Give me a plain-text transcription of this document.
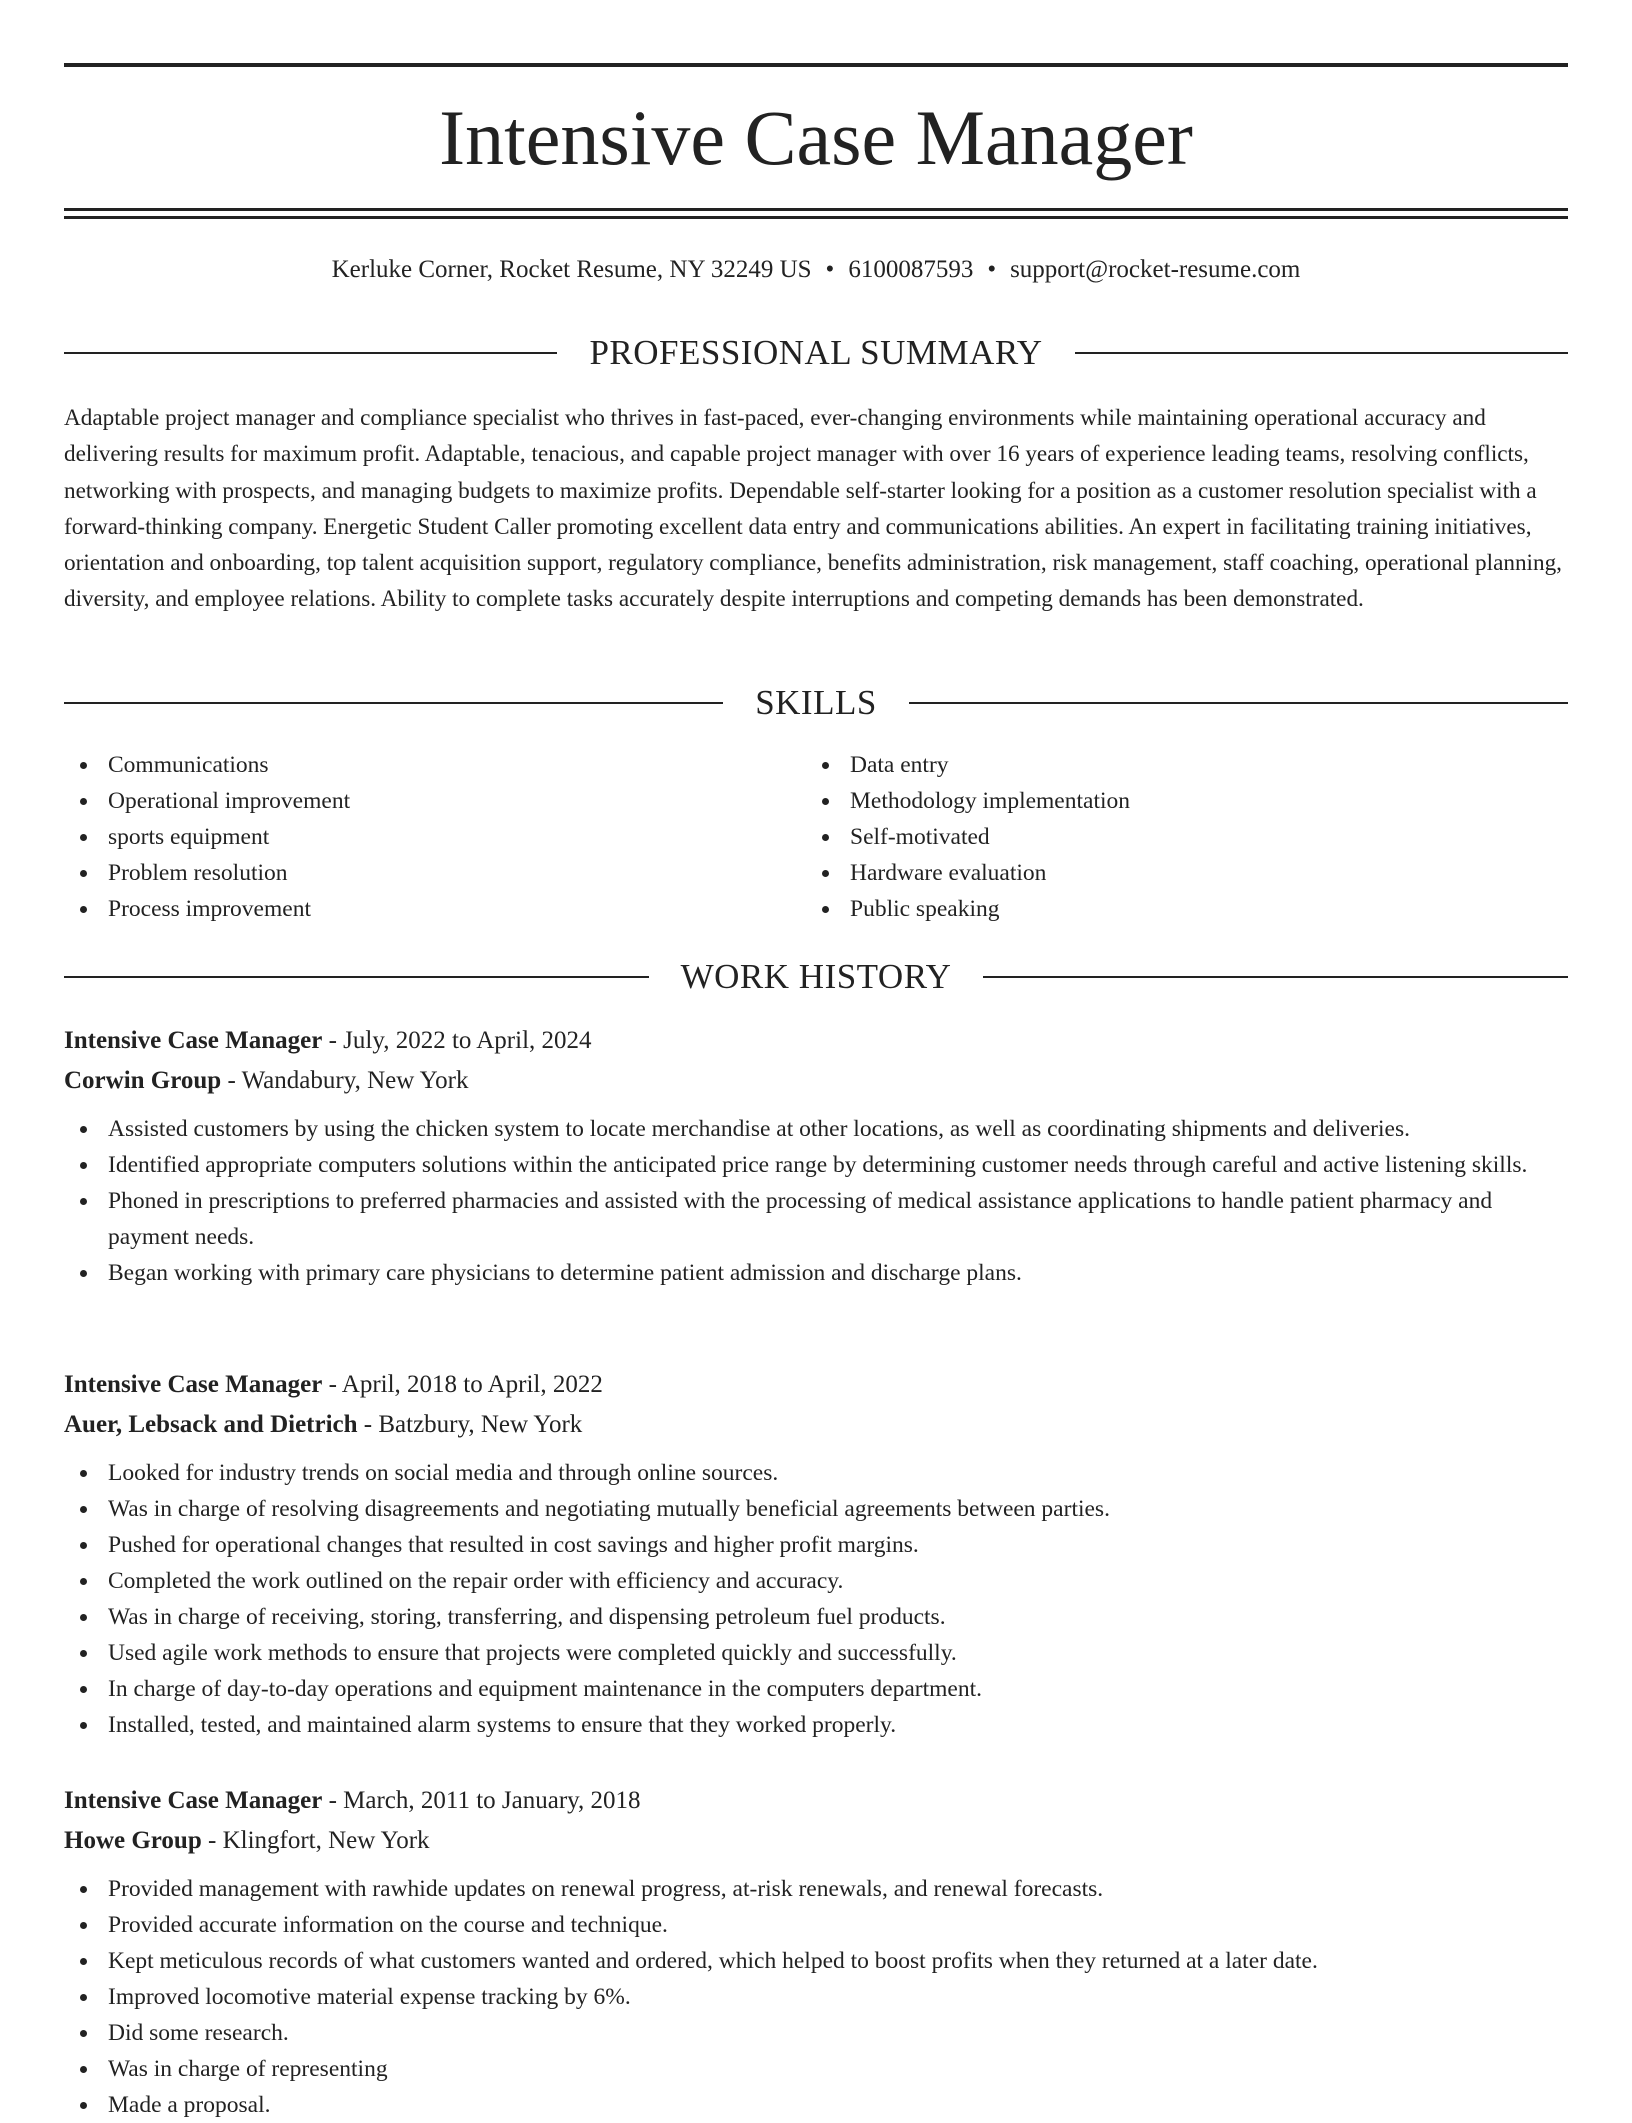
Intensive Case Manager
Kerluke Corner, Rocket Resume, NY 32249 US • 6100087593 • support@rocket-resume.com
PROFESSIONAL SUMMARY

Adaptable project manager and compliance specialist who thrives in fast-paced, ever-changing environments while maintaining operational accuracy and delivering results for maximum profit. Adaptable, tenacious, and capable project manager with over 16 years of experience leading teams, resolving conflicts, networking with prospects, and managing budgets to maximize profits. Dependable self-starter looking for a position as a customer resolution specialist with a forward-thinking company. Energetic Student Caller promoting excellent data entry and communications abilities. An expert in facilitating training initiatives, orientation and onboarding, top talent acquisition support, regulatory compliance, benefits administration, risk management, staff coaching, operational planning, diversity, and employee relations. Ability to complete tasks accurately despite interruptions and competing demands has been demonstrated.

SKILLS
Communications
Operational improvement
sports equipment
Problem resolution
Process improvement
Data entry
Methodology implementation
Self-motivated
Hardware evaluation
Public speaking
WORK HISTORY
Intensive Case Manager - July, 2022 to April, 2024
Corwin Group - Wandabury, New York
Assisted customers by using the chicken system to locate merchandise at other locations, as well as coordinating shipments and deliveries.
Identified appropriate computers solutions within the anticipated price range by determining customer needs through careful and active listening skills.
Phoned in prescriptions to preferred pharmacies and assisted with the processing of medical assistance applications to handle patient pharmacy and payment needs.
Began working with primary care physicians to determine patient admission and discharge plans.
Intensive Case Manager - April, 2018 to April, 2022
Auer, Lebsack and Dietrich - Batzbury, New York
Looked for industry trends on social media and through online sources.
Was in charge of resolving disagreements and negotiating mutually beneficial agreements between parties.
Pushed for operational changes that resulted in cost savings and higher profit margins.
Completed the work outlined on the repair order with efficiency and accuracy.
Was in charge of receiving, storing, transferring, and dispensing petroleum fuel products.
Used agile work methods to ensure that projects were completed quickly and successfully.
In charge of day-to-day operations and equipment maintenance in the computers department.
Installed, tested, and maintained alarm systems to ensure that they worked properly.
Intensive Case Manager - March, 2011 to January, 2018
Howe Group - Klingfort, New York
Provided management with rawhide updates on renewal progress, at-risk renewals, and renewal forecasts.
Provided accurate information on the course and technique.
Kept meticulous records of what customers wanted and ordered, which helped to boost profits when they returned at a later date.
Improved locomotive material expense tracking by 6%.
Did some research.
Was in charge of representing
Made a proposal.
